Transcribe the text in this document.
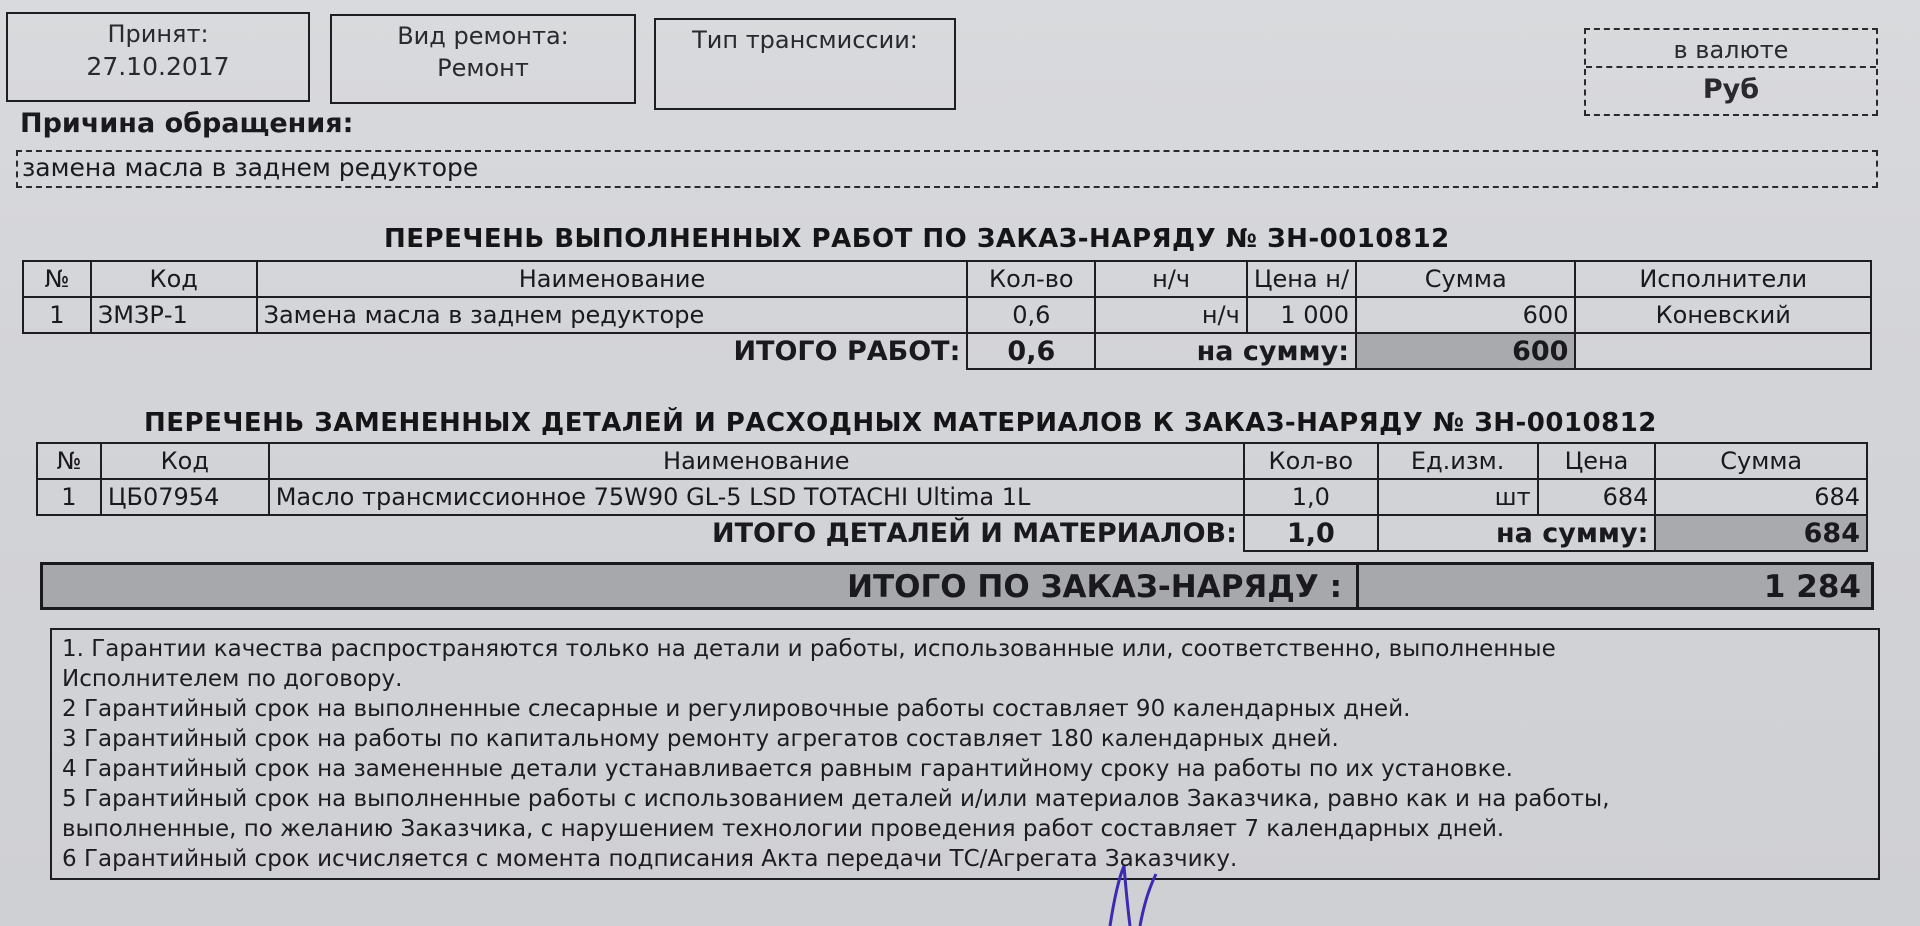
Принят:
27.10.2017
Вид ремонта:
Ремонт
Тип трансмиссии:	в валюте
Руб
Причина обращения:
замена масла в заднем редукторе
ПЕРЕЧЕНЬ ВЫПОЛНЕННЫХ РАБОТ ПО ЗАКАЗ-НАРЯДУ № ЗН-0010812
№	Код	Наименование	Кол-во	н/ч	Цена н/	Сумма	Исполнители
1	ЗМЗР-1	Замена масла в заднем редукторе	0,6	н/ч	1 000	600	Коневский
		ИТОГО РАБОТ:	0,6	на сумму:		600	
ПЕРЕЧЕНЬ ЗАМЕНЕННЫХ ДЕТАЛЕЙ И РАСХОДНЫХ МАТЕРИАЛОВ К ЗАКАЗ-НАРЯДУ № ЗН-0010812
№	Код	Наименование	Кол-во	Ед.изм.	Цена	Сумма
1	ЦБ07954	Масло трансмиссионное 75W90 GL-5 LSD TOTACHI Ultima 1L	1,0	шт	684	684
		ИТОГО ДЕТАЛЕЙ И МАТЕРИАЛОВ:	1,0	на сумму:		684
ИТОГО ПО ЗАКАЗ-НАРЯДУ :	1 284
1. Гарантии качества распространяются только на детали и работы, использованные или, соответственно, выполненные
Исполнителем по договору.
2 Гарантийный срок на выполненные слесарные и регулировочные работы составляет 90 календарных дней.
3 Гарантийный срок на работы по капитальному ремонту агрегатов составляет 180 календарных дней.
4 Гарантийный срок на замененные детали устанавливается равным гарантийному сроку на работы по их установке.
5 Гарантийный срок на выполненные работы с использованием деталей и/или материалов Заказчика, равно как и на работы,
выполненные, по желанию Заказчика, с нарушением технологии проведения работ составляет 7 календарных дней.
6 Гарантийный срок исчисляется с момента подписания Акта передачи ТС/Агрегата Заказчику.
